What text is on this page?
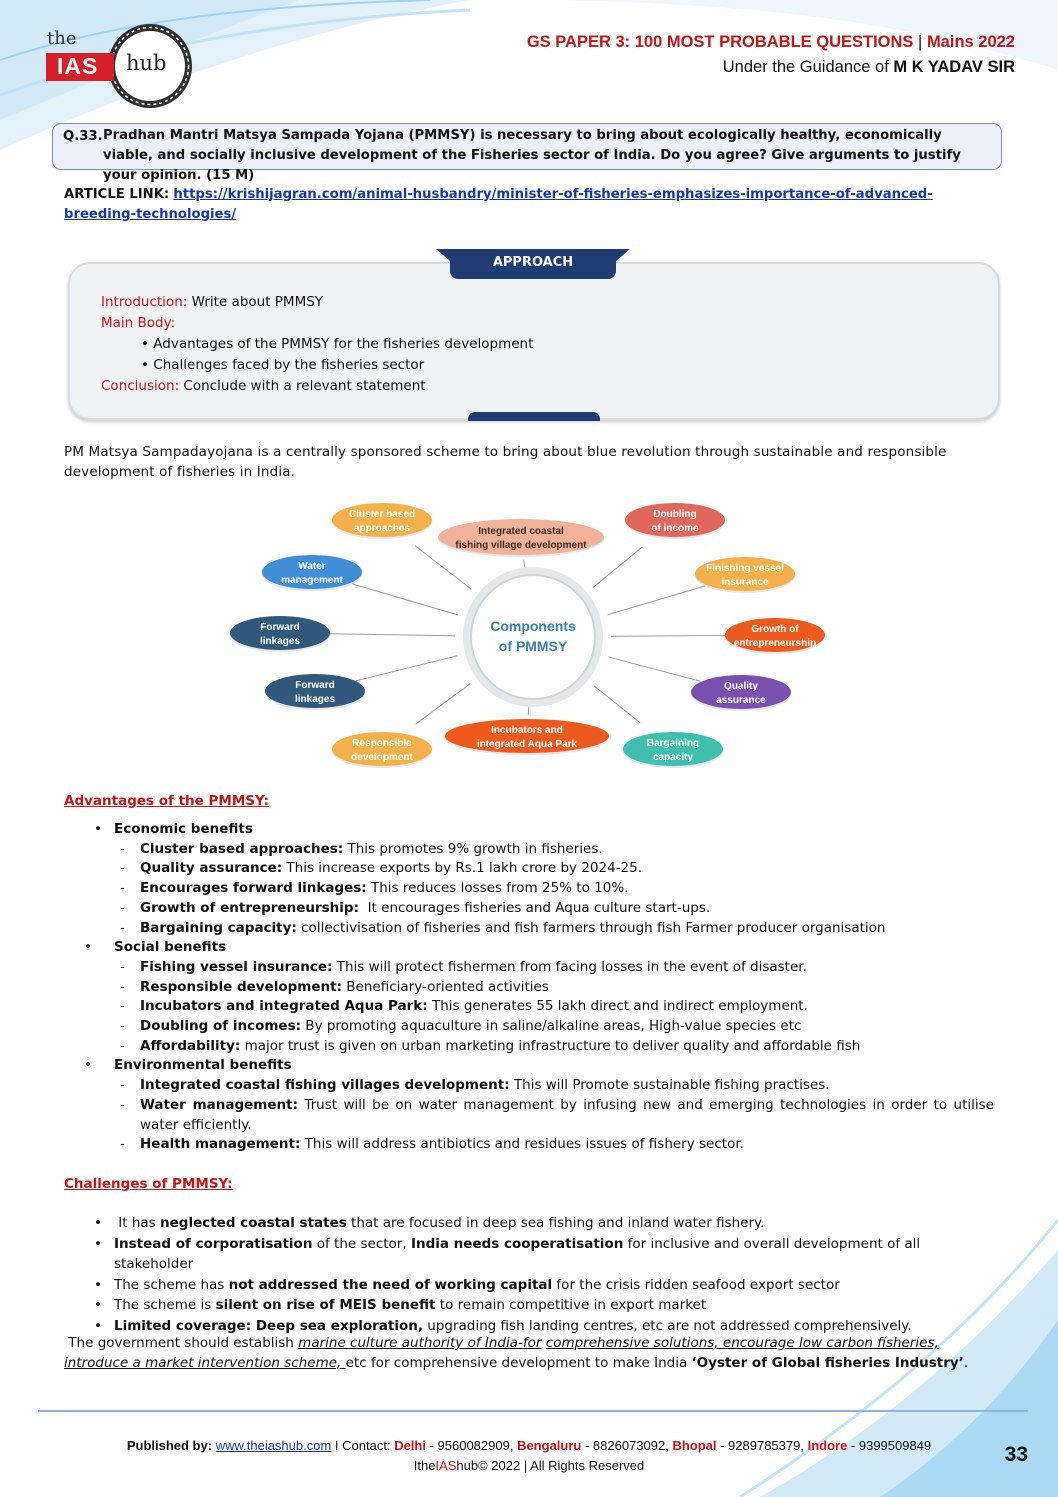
the
IAS hub
GS PAPER 3: 100 MOST PROBABLE QUESTIONS | Mains 2022
Under the Guidance of M K YADAV SIR
Q.33. Pradhan Mantri Matsya Sampada Yojana (PMMSY) is necessary to bring about ecologically healthy, economically viable, and socially inclusive development of the Fisheries sector of India. Do you agree? Give arguments to justify your opinion. (15 M)
ARTICLE LINK: https://krishijagran.com/animal-husbandry/minister-of-fisheries-emphasizes-importance-of-advanced-breeding-technologies/
APPROACH
Introduction: Write about PMMSY
Main Body:
• Advantages of the PMMSY for the fisheries development
• Challenges faced by the fisheries sector
Conclusion: Conclude with a relevant statement
PM Matsya Sampadayojana is a centrally sponsored scheme to bring about blue revolution through sustainable and responsible development of fisheries in India.
Components
of PMMSY
Cluster based
approaches	Integrated coastal
fishing village development
Doubling
of income
Water
management
Finishing vessel
insurance
Forward
linkages
Growth of
entrepreneurship
Forward
linkages
Quality
assurance
Responsible
development
Incubators and
integrated Aqua Park	Bargaining
capacity
Advantages of the PMMSY:
• Economic benefits
- Cluster based approaches: This promotes 9% growth in fisheries.
- Quality assurance: This increase exports by Rs.1 lakh crore by 2024-25.
- Encourages forward linkages: This reduces losses from 25% to 10%.
- Growth of entrepreneurship:  It encourages fisheries and Aqua culture start-ups.
- Bargaining capacity: collectivisation of fisheries and fish farmers through fish Farmer producer organisation
• Social benefits
- Fishing vessel insurance: This will protect fishermen from facing losses in the event of disaster.
- Responsible development: Beneficiary-oriented activities
- Incubators and integrated Aqua Park: This generates 55 lakh direct and indirect employment.
- Doubling of incomes: By promoting aquaculture in saline/alkaline areas, High-value species etc
- Affordability: major trust is given on urban marketing infrastructure to deliver quality and affordable fish
• Environmental benefits
- Integrated coastal fishing villages development: This will Promote sustainable fishing practises.
- Water management: Trust will be on water management by infusing new and emerging technologies in order to utilise water efficiently.
- Health management: This will address antibiotics and residues issues of fishery sector.
Challenges of PMMSY:
• It has neglected coastal states that are focused in deep sea fishing and inland water fishery.
• Instead of corporatisation of the sector, India needs cooperatisation for inclusive and overall development of all stakeholder
• The scheme has not addressed the need of working capital for the crisis ridden seafood export sector
• The scheme is silent on rise of MEIS benefit to remain competitive in export market
• Limited coverage: Deep sea exploration, upgrading fish landing centres, etc are not addressed comprehensively.
The government should establish marine culture authority of India-for comprehensive solutions, encourage low carbon fisheries, introduce a market intervention scheme, etc for comprehensive development to make India ‘Oyster of Global fisheries Industry’.
Published by: www.theiashub.com I Contact: Delhi - 9560082909, Bengaluru - 8826073092, Bhopal - 9289785379, Indore - 9399509849
ItheIAShub© 2022 | All Rights Reserved	33
